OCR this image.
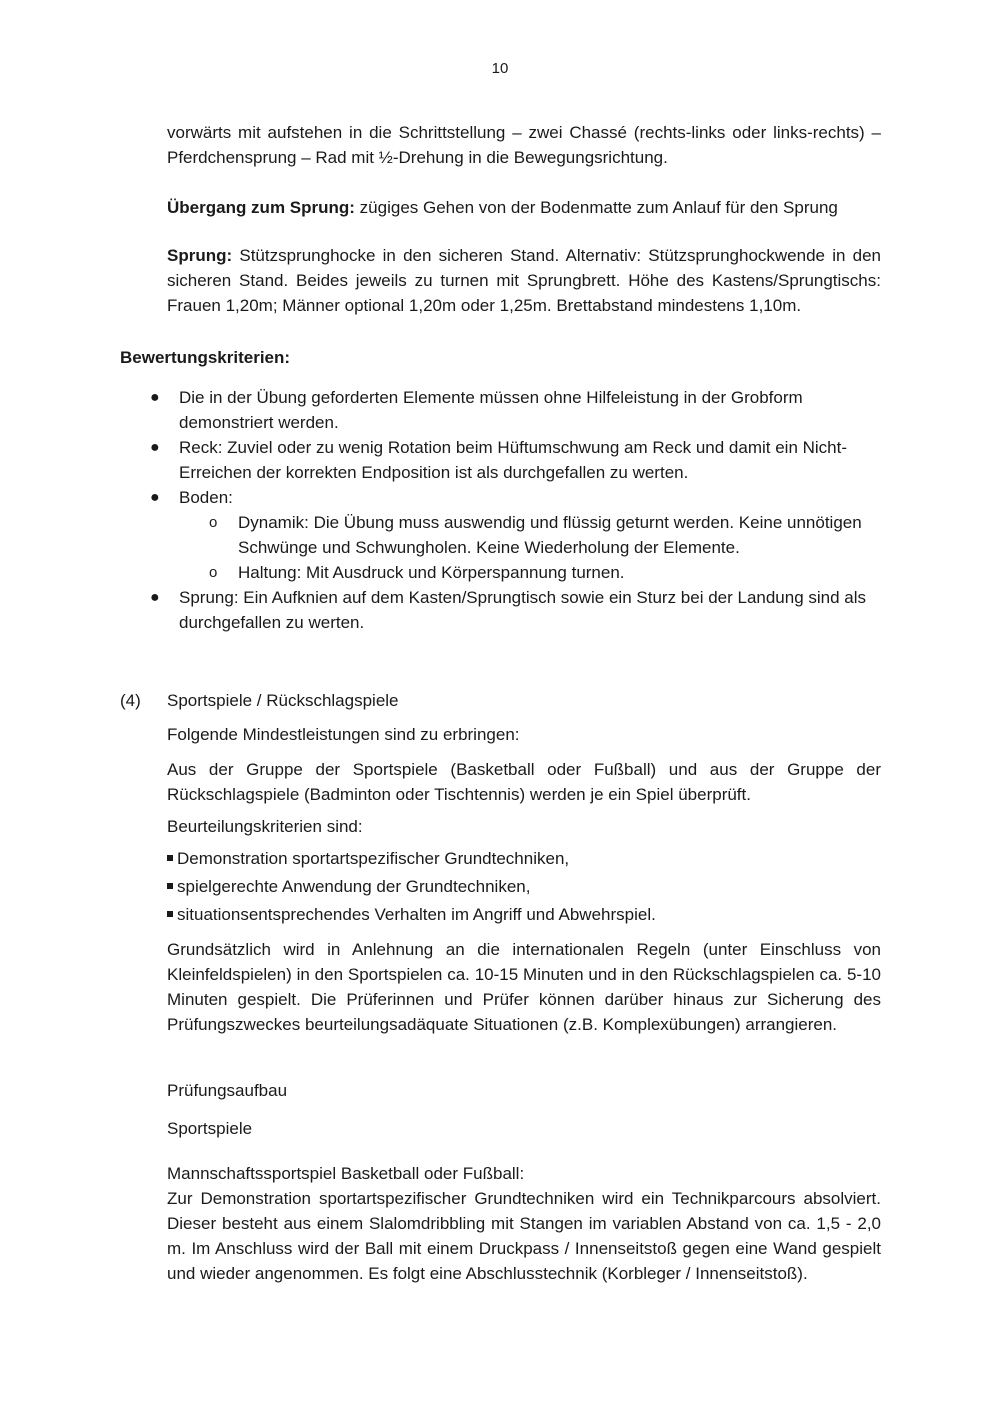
10
vorwärts mit aufstehen in die Schrittstellung – zwei Chassé (rechts-links oder links-rechts) – Pferdchensprung – Rad mit ½-Drehung in die Bewegungsrichtung.
Übergang zum Sprung: zügiges Gehen von der Bodenmatte zum Anlauf für den Sprung
Sprung: Stützsprunghocke in den sicheren Stand. Alternativ: Stützsprunghockwende in den sicheren Stand. Beides jeweils zu turnen mit Sprungbrett. Höhe des Kastens/Sprungtischs: Frauen 1,20m; Männer optional 1,20m oder 1,25m. Brettabstand mindestens 1,10m.
Bewertungskriterien:
● Die in der Übung geforderten Elemente müssen ohne Hilfeleistung in der Grobform demonstriert werden.
● Reck: Zuviel oder zu wenig Rotation beim Hüftumschwung am Reck und damit ein Nicht-Erreichen der korrekten Endposition ist als durchgefallen zu werten.
● Boden:
o Dynamik: Die Übung muss auswendig und flüssig geturnt werden. Keine unnötigen Schwünge und Schwungholen. Keine Wiederholung der Elemente.
o Haltung: Mit Ausdruck und Körperspannung turnen.
● Sprung: Ein Aufknien auf dem Kasten/Sprungtisch sowie ein Sturz bei der Landung sind als durchgefallen zu werten.
(4) Sportspiele / Rückschlagspiele
Folgende Mindestleistungen sind zu erbringen:
Aus der Gruppe der Sportspiele (Basketball oder Fußball) und aus der Gruppe der Rückschlagspiele (Badminton oder Tischtennis) werden je ein Spiel überprüft.
Beurteilungskriterien sind:
Demonstration sportartspezifischer Grundtechniken,
spielgerechte Anwendung der Grundtechniken,
situationsentsprechendes Verhalten im Angriff und Abwehrspiel.
Grundsätzlich wird in Anlehnung an die internationalen Regeln (unter Einschluss von Kleinfeldspielen) in den Sportspielen ca. 10-15 Minuten und in den Rückschlagspielen ca. 5-10 Minuten gespielt. Die Prüferinnen und Prüfer können darüber hinaus zur Sicherung des Prüfungszweckes beurteilungsadäquate Situationen (z.B. Komplexübungen) arrangieren.
Prüfungsaufbau
Sportspiele
Mannschaftssportspiel Basketball oder Fußball:
Zur Demonstration sportartspezifischer Grundtechniken wird ein Technikparcours absolviert. Dieser besteht aus einem Slalomdribbling mit Stangen im variablen Abstand von ca. 1,5 - 2,0 m. Im Anschluss wird der Ball mit einem Druckpass / Innenseitstoß gegen eine Wand gespielt und wieder angenommen. Es folgt eine Abschlusstechnik (Korbleger / Innenseitstoß).
